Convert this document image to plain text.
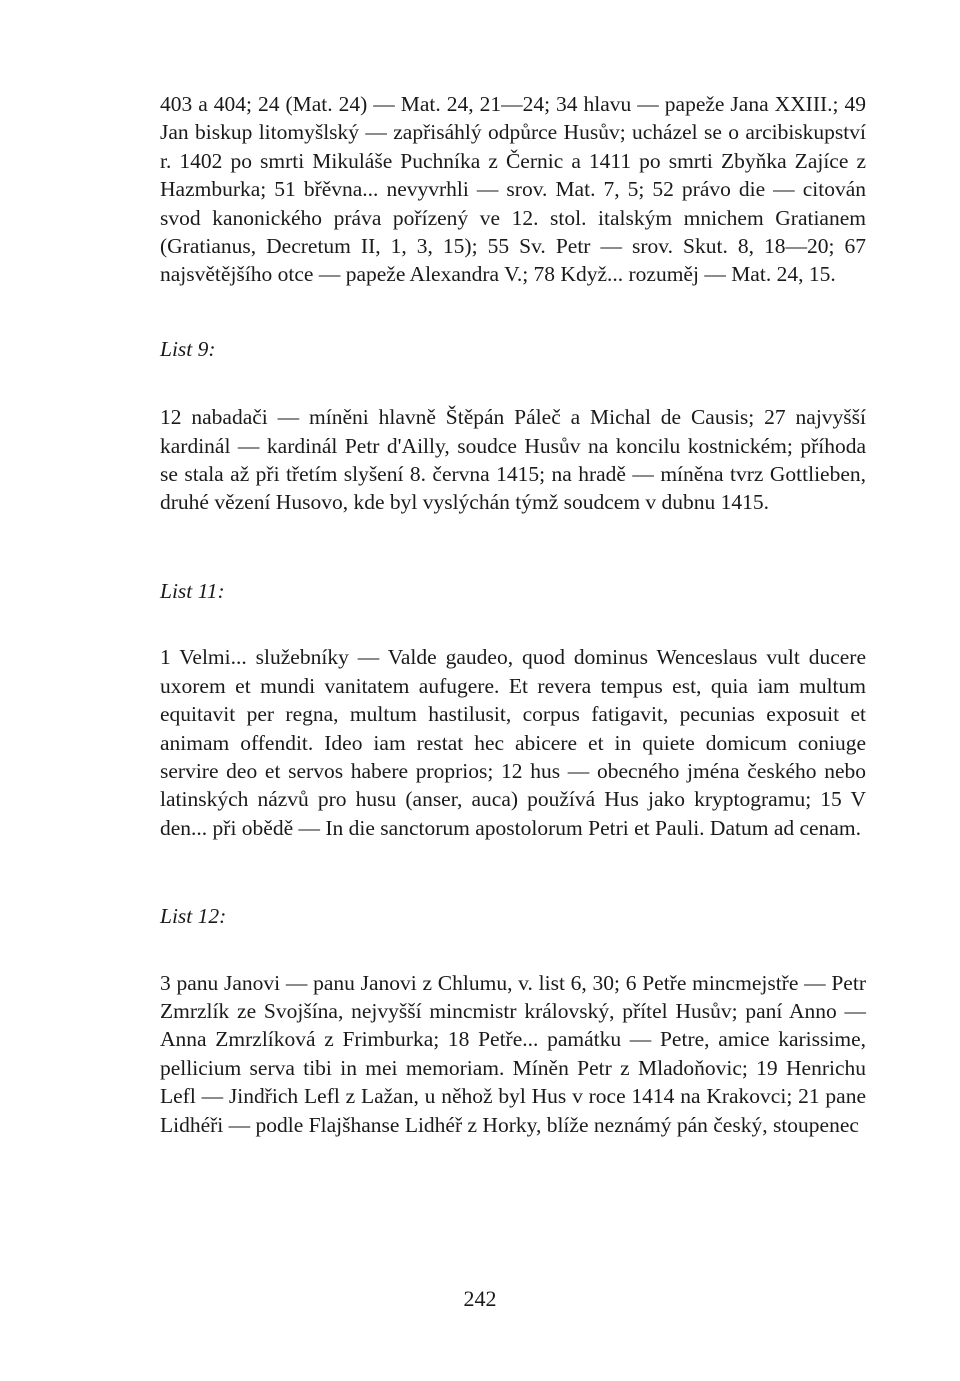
403 a 404; 24 (Mat. 24) — Mat. 24, 21—24; 34 hlavu — papeže Jana XXIII.; 49 Jan biskup litomyšlský — zapřisáhlý odpůrce Husův; ucházel se o arcibiskupství r. 1402 po smrti Mikuláše Puchníka z Černic a 1411 po smrti Zbyňka Zajíce z Hazmburka; 51 břěvna... nevyvrhli — srov. Mat. 7, 5; 52 právo die — citován svod kanonického práva pořízený ve 12. stol. italským mnichem Gratianem (Gratianus, Decretum II, 1, 3, 15); 55 Sv. Petr — srov. Skut. 8, 18—20; 67 najsvětějšího otce — papeže Alexandra V.; 78 Když... rozuměj — Mat. 24, 15.

List 9:

12 nabadači — míněni hlavně Štěpán Páleč a Michal de Causis; 27 najvyšší kardinál — kardinál Petr d'Ailly, soudce Husův na koncilu kostnickém; příhoda se stala až při třetím slyšení 8. června 1415; na hradě — míněna tvrz Gottlieben, druhé vězení Husovo, kde byl vyslýchán týmž soudcem v dubnu 1415.

List 11:

1 Velmi... služebníky — Valde gaudeo, quod dominus Wenceslaus vult ducere uxorem et mundi vanitatem aufugere. Et revera tempus est, quia iam multum equitavit per regna, multum hastilusit, corpus fatigavit, pecunias exposuit et animam offendit. Ideo iam restat hec abicere et in quiete domicum coniuge servire deo et servos habere proprios; 12 hus — obecného jména českého nebo latinských názvů pro husu (anser, auca) používá Hus jako kryptogramu; 15 V den... při obědě — In die sanctorum apostolorum Petri et Pauli. Datum ad cenam.

List 12:

3 panu Janovi — panu Janovi z Chlumu, v. list 6, 30; 6 Petře mincmejstře — Petr Zmrzlík ze Svojšína, nejvyšší mincmistr královský, přítel Husův; paní Anno — Anna Zmrzlíková z Frimburka; 18 Petře... památku — Petre, amice karissime, pellicium serva tibi in mei memoriam. Míněn Petr z Mladoňovic; 19 Henrichu Lefl — Jindřich Lefl z Lažan, u něhož byl Hus v roce 1414 na Krakovci; 21 pane Lidhéři — podle Flajšhanse Lidhéř z Horky, blíže neznámý pán český, stoupenec

242
